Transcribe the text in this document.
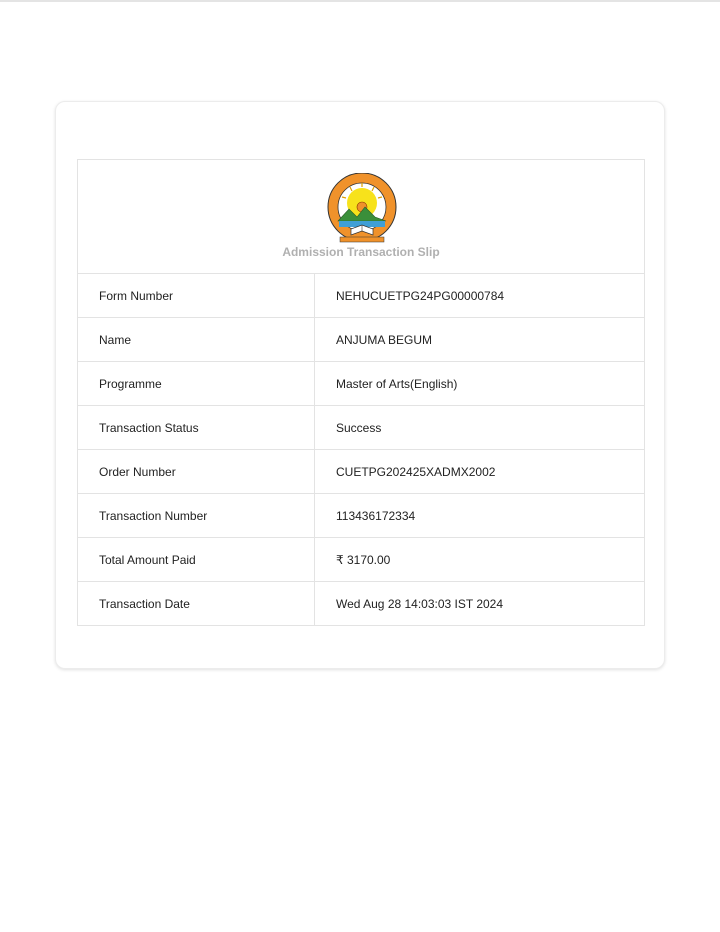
Admission Transaction Slip
Form Number	NEHUCUETPG24PG00000784
Name	ANJUMA BEGUM
Programme	Master of Arts(English)
Transaction Status	Success
Order Number	CUETPG202425XADMX2002
Transaction Number	113436172334
Total Amount Paid	₹ 3170.00
Transaction Date	Wed Aug 28 14:03:03 IST 2024
